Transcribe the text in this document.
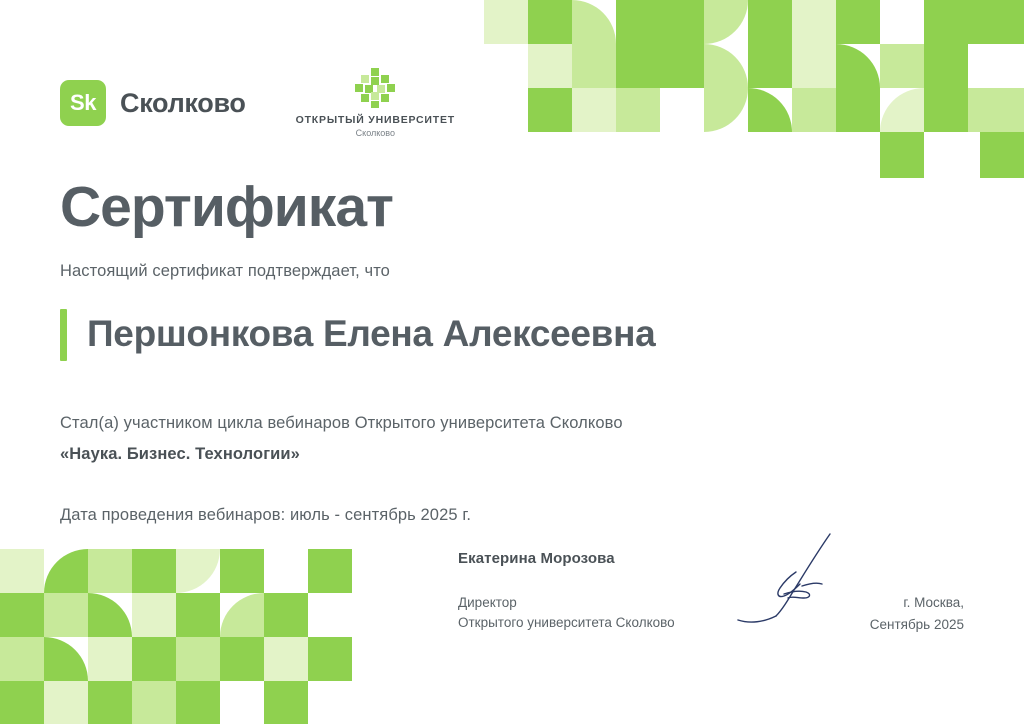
Sk Сколково
ОТКРЫТЫЙ УНИВЕРСИТЕТ
Сколково
Сертификат
Настоящий сертификат подтверждает, что
Першонкова Елена Алексеевна
Стал(а) участником цикла вебинаров Открытого университета Сколково
«Наука. Бизнес. Технологии»
Дата проведения вебинаров: июль - сентябрь 2025 г.
Екатерина Морозова
Директор
Открытого университета Сколково
г. Москва,
Сентябрь 2025
